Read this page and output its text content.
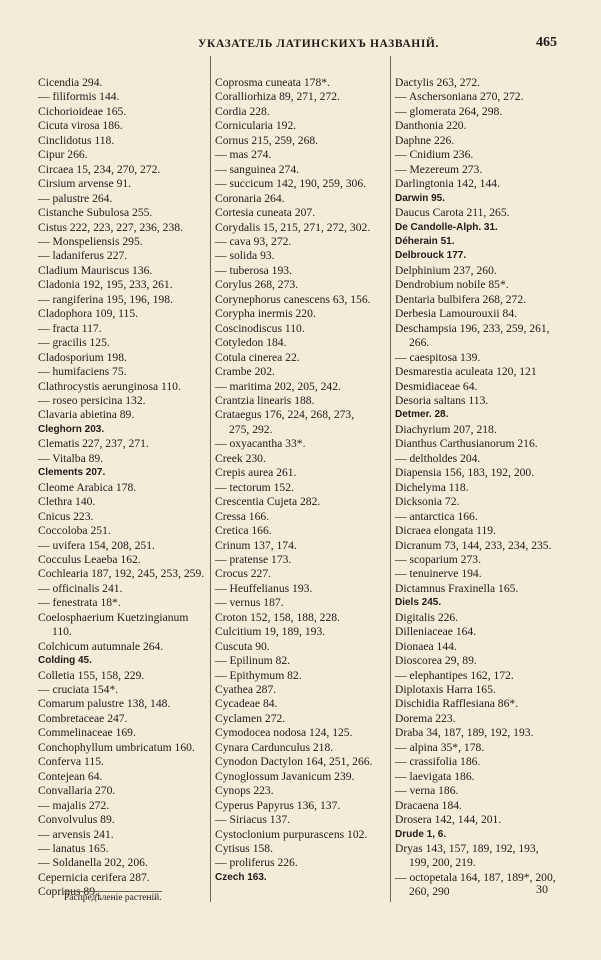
УКАЗАТЕЛЬ ЛАТИНСКИХЪ НАЗВАНІЙ.	465
Cicendia 294.
— filiformis 144.
Cichorioideae 165.
Cicuta virosa 186.
Cinclidotus 118.
Cipur 266.
Circaea 15, 234, 270, 272.
Cirsium arvense 91.
— palustre 264.
Cistanche Subulosa 255.
Cistus 222, 223, 227, 236, 238.
— Monspeliensis 295.
— ladaniferus 227.
Cladium Mauriscus 136.
Cladonia 192, 195, 233, 261.
— rangiferina 195, 196, 198.
Cladophora 109, 115.
— fracta 117.
— gracilis 125.
Cladosporium 198.
— humifaciens 75.
Clathrocystis aerunginosa 110.
— roseo persicina 132.
Clavaria abietina 89.
Cleghorn 203.
Clematis 227, 237, 271.
— Vitalba 89.
Clements 207.
Cleome Arabica 178.
Clethra 140.
Cnicus 223.
Coccoloba 251.
— uvifera 154, 208, 251.
Cocculus Leaeba 162.
Cochlearia 187, 192, 245, 253, 259.
— officinalis 241.
— fenestrata 18*.
Coelosphaerium Kuetzingianum
110.
Colchicum autumnale 264.
Colding 45.
Colletia 155, 158, 229.
— cruciata 154*.
Comarum palustre 138, 148.
Combretaceae 247.
Commelinaceae 169.
Conchophyllum umbricatum 160.
Conferva 115.
Contejean 64.
Convallaria 270.
— majalis 272.
Convolvulus 89.
— arvensis 241.
— lanatus 165.
— Soldanella 202, 206.
Cepernicia cerifera 287.
Coprinus 89.
Coprosma cuneata 178*.
Coralliorhiza 89, 271, 272.
Cordia 228.
Cornicularia 192.
Cornus 215, 259, 268.
— mas 274.
— sanguinea 274.
— succicum 142, 190, 259, 306.
Coronaria 264.
Cortesia cuneata 207.
Corydalis 15, 215, 271, 272, 302.
— cava 93, 272.
— solida 93.
— tuberosa 193.
Corylus 268, 273.
Corynephorus canescens 63, 156.
Corypha inermis 220.
Coscinodiscus 110.
Cotyledon 184.
Cotula cinerea 22.
Crambe 202.
— maritima 202, 205, 242.
Crantzia linearis 188.
Crataegus 176, 224, 268, 273,
275, 292.
— oxyacantha 33*.
Creek 230.
Crepis aurea 261.
— tectorum 152.
Crescentia Cujeta 282.
Cressa 166.
Cretica 166.
Crinum 137, 174.
— pratense 173.
Crocus 227.
— Heuffelianus 193.
— vernus 187.
Croton 152, 158, 188, 228.
Culcitium 19, 189, 193.
Cuscuta 90.
— Epilinum 82.
— Epithymum 82.
Cyathea 287.
Cycadeae 84.
Cyclamen 272.
Cymodocea nodosa 124, 125.
Cynara Cardunculus 218.
Cynodon Dactylon 164, 251, 266.
Cynoglossum Javanicum 239.
Cynops 223.
Cyperus Papyrus 136, 137.
— Siriacus 137.
Cystoclonium purpurascens 102.
Cytisus 158.
— proliferus 226.
Czech 163.
Dactylis 263, 272.
— Aschersoniana 270, 272.
— glomerata 264, 298.
Danthonia 220.
Daphne 226.
— Cnidium 236.
— Mezereum 273.
Darlingtonia 142, 144.
Darwin 95.
Daucus Carota 211, 265.
De Candolle-Alph. 31.
Déherain 51.
Delbrouck 177.
Delphinium 237, 260.
Dendrobium nobile 85*.
Dentaria bulbifera 268, 272.
Derbesia Lamourouxii 84.
Deschampsia 196, 233, 259, 261,
266.
— caespitosa 139.
Desmarestia aculeata 120, 121
Desmidiaceae 64.
Desoria saltans 113.
Detmer. 28.
Diachyrium 207, 218.
Dianthus Carthusianorum 216.
— deltholdes 204.
Diapensia 156, 183, 192, 200.
Dichelyma 118.
Dicksonia 72.
— antarctica 166.
Dicraea elongata 119.
Dicranum 73, 144, 233, 234, 235.
— scoparium 273.
— tenuinerve 194.
Dictamnus Fraxinella 165.
Diels 245.
Digitalis 226.
Dilleniaceae 164.
Dionaea 144.
Dioscorea 29, 89.
— elephantipes 162, 172.
Diplotaxis Harra 165.
Dischidia Rafflesiana 86*.
Dorema 223.
Draba 34, 187, 189, 192, 193.
— alpina 35*, 178.
— crassifolia 186.
— laevigata 186.
— verna 186.
Dracaena 184.
Drosera 142, 144, 201.
Drude 1, 6.
Dryas 143, 157, 189, 192, 193,
199, 200, 219.
— octopetala 164, 187, 189*, 200,
260, 290
Распредѣленіе растеній.
30
